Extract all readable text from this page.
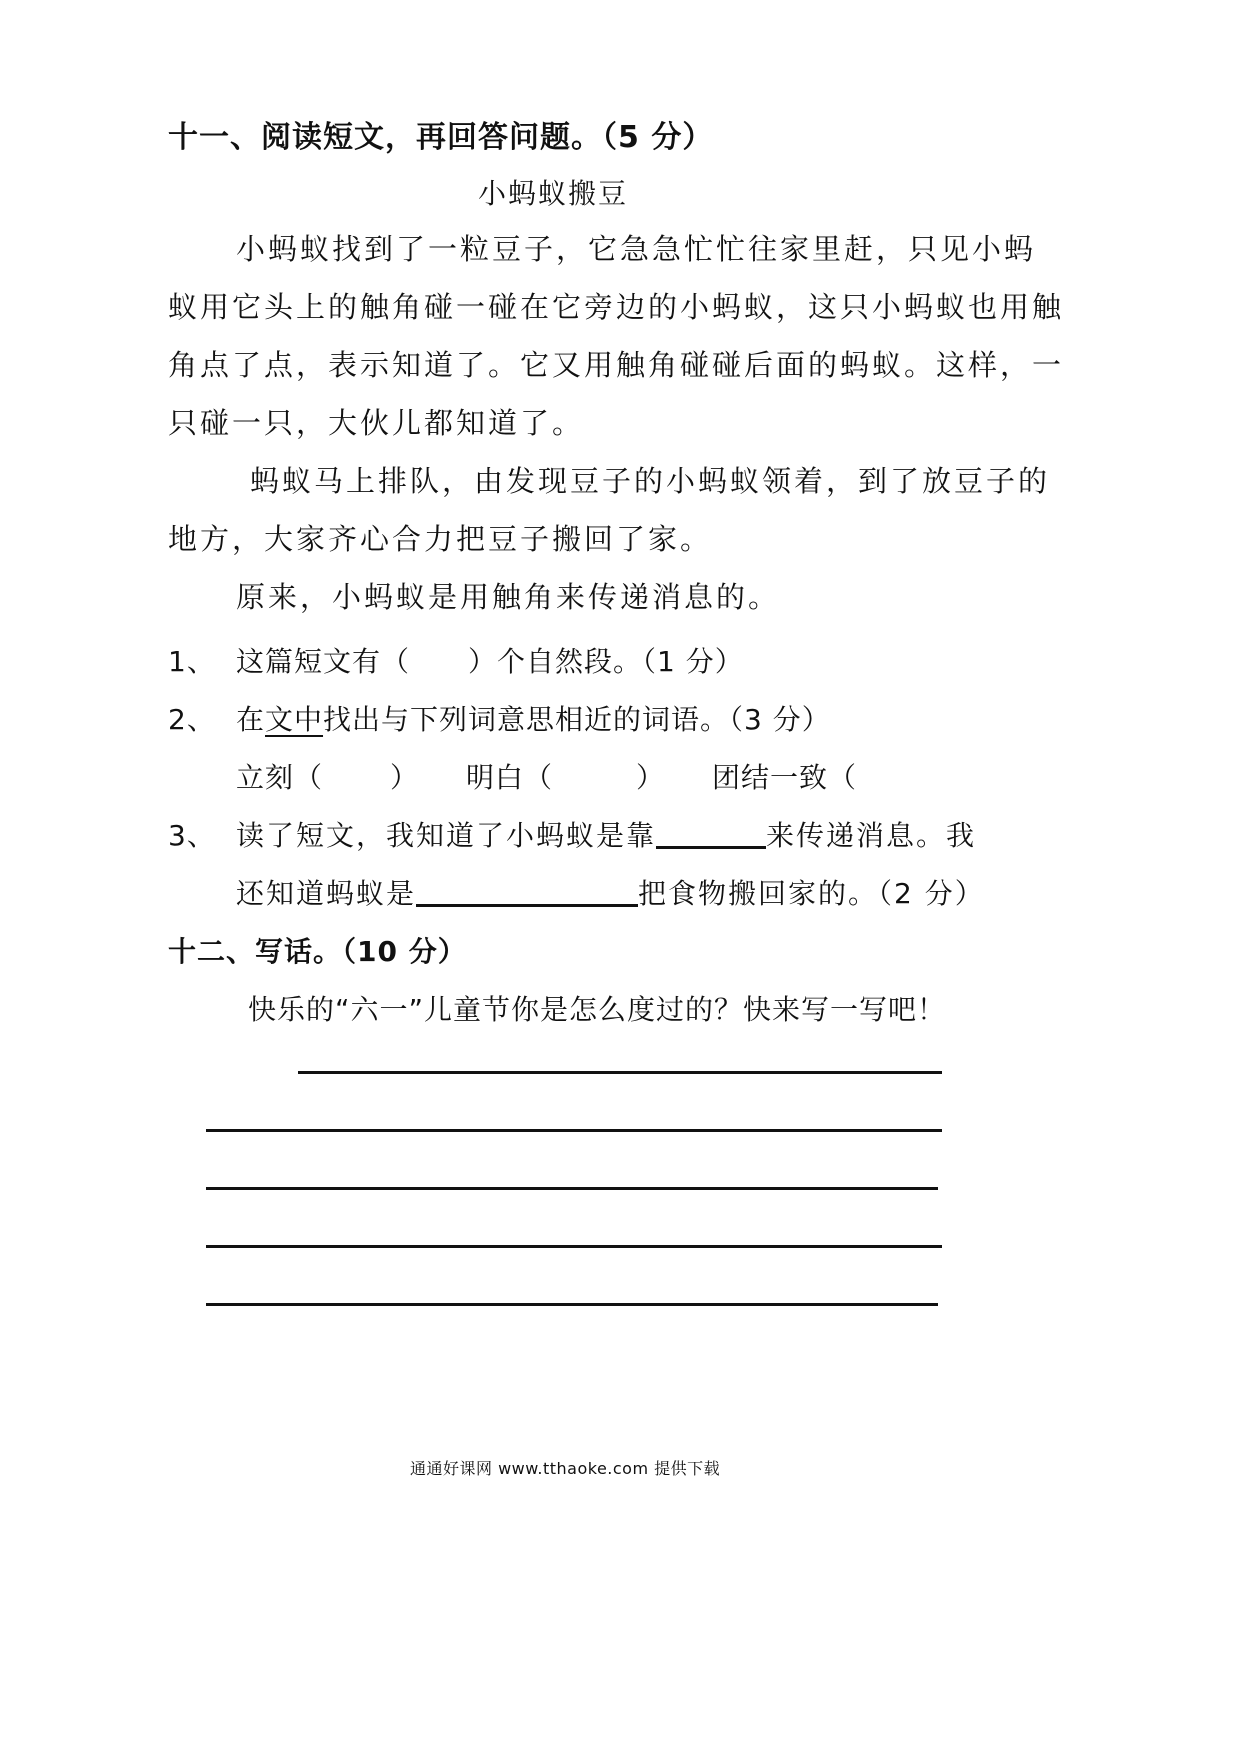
十一、阅读短文，再回答问题。（5 分）
小蚂蚁搬豆
小蚂蚁找到了一粒豆子，它急急忙忙往家里赶，只见小蚂
蚁用它头上的触角碰一碰在它旁边的小蚂蚁，这只小蚂蚁也用触
角点了点，表示知道了。它又用触角碰碰后面的蚂蚁。这样，一
只碰一只，大伙儿都知道了。
蚂蚁马上排队，由发现豆子的小蚂蚁领着，到了放豆子的
地方，大家齐心合力把豆子搬回了家。
原来，小蚂蚁是用触角来传递消息的。
1、 这篇短文有（ ）个自然段。（1 分）
2、 在文中找出与下列词意思相近的词语。（3 分）
立刻（ ） 明白（	） 团结一致（
3、 读了短文，我知道了小蚂蚁是靠	来传递消息。我
还知道蚂蚁是	把食物搬回家的。（2 分）
十二、写话。（10 分）
快乐的“六一”儿童节你是怎么度过的？快来写一写吧！
通通好课网 www.tthaoke.com 提供下载
